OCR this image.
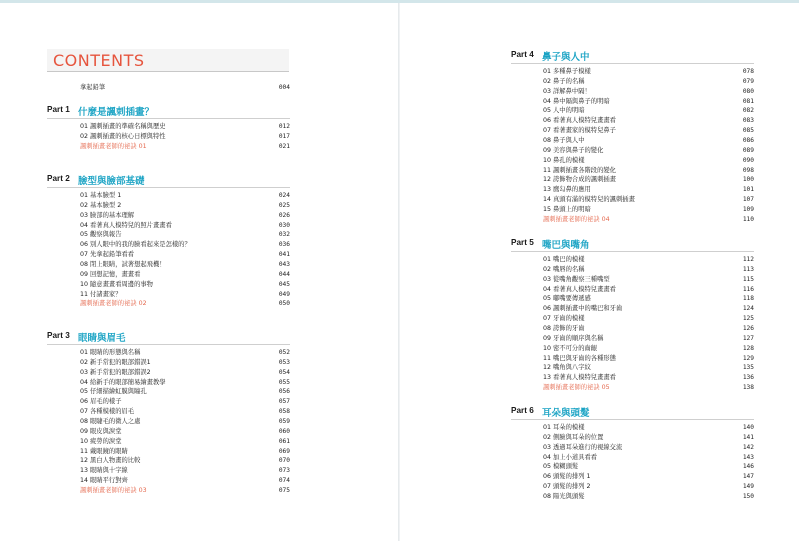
CONTENTS
拿起鉛筆	004
Part 1 什麼是諷刺插畫？
01 諷刺插畫的準確名稱與歷史	012
02 諷刺插畫的核心日標與特性	017
諷刺插畫老師的祕訣 01	021
Part 2 臉型與臉部基礎
01 基本臉型 1	024
02 基本臉型 2	025
03 臉部的基本理解	026
04 看著真人模特兒的照片畫畫看	030
05 觀察與報告	032
06 別人眼中的我的臉看起來是怎樣的？	036
07 先拿起鉛筆看看	041
08 閉上眼睛，試著想起飛機！	043
09 回想記憶，畫畫看	044
10 隨意畫畫看周邊的事物	045
11 付諸畫家？	049
諷刺插畫老師的祕訣 02	050
Part 3 眼睛與眉毛
01 眼睛的形態與名稱	052
02 新手常犯的眼部錯誤1	053
03 新手常犯的眼部錯誤2	054
04 給新手的眼部簡易繪畫教學	055
05 仔細描繪虹膜與瞳孔	056
06 眉毛的樣子	057
07 各種模樣的眉毛	058
08 眼睫毛的微人之處	059
09 眼皮與淚堂	060
10 疲勞的淚堂	061
11 戴眼鏡的眼睛	069
12 黑白人物畫的比較	070
13 眼睛與十字線	073
14 眼睛平行對齊	074
諷刺插畫老師的祕訣 03	075
Part 4 鼻子與人中
01 多種鼻子模樣	078
02 鼻子的名稱	079
03 詳解鼻中隔！	080
04 鼻中隔與鼻子的明暗	081
05 人中的明暗	082
06 看著真人模特兒畫畫看	083
07 看著畫家的模特兒鼻子	085
08 鼻子與人中	086
09 美容與鼻子的變化	089
10 鼻孔的模樣	090
11 諷刺插畫各階段的變化	098
12 誇飾物合成的諷刺插畫	100
13 鷹勾鼻的應用	101
14 真頭有滿的模特兒的諷刺插畫	107
15 鼻頭上的明暗	109
諷刺插畫老師的祕訣 04	110
Part 5 嘴巴與嘴角
01 嘴巴的模樣	112
02 嘴唇的名稱	113
03 從嘴角觀察三種嘴型	115
04 看著真人模特兒畫畫看	116
05 嘟嘴要傳遞感	118
06 諷刺插畫中的嘴巴和牙齒	124
07 牙齒的模樣	125
08 誇飾的牙齒	126
09 牙齒的順序與名稱	127
10 密不可分的齒齦	128
11 嘴巴與牙齒的各種形態	129
12 嘴角與八字紋	135
13 看著真人模特兒畫畫看	136
諷刺插畫老師的祕訣 05	138
Part 6 耳朵與頭髮
01 耳朵的模樣	140
02 側臉與耳朵的位置	141
03 透過耳朵進行的視線交流	142
04 加上小道具看看	143
05 模糊頭髮	146
06 頭髮的排列 1	147
07 頭髮的排列 2	149
08 陽光與頭髮	150
